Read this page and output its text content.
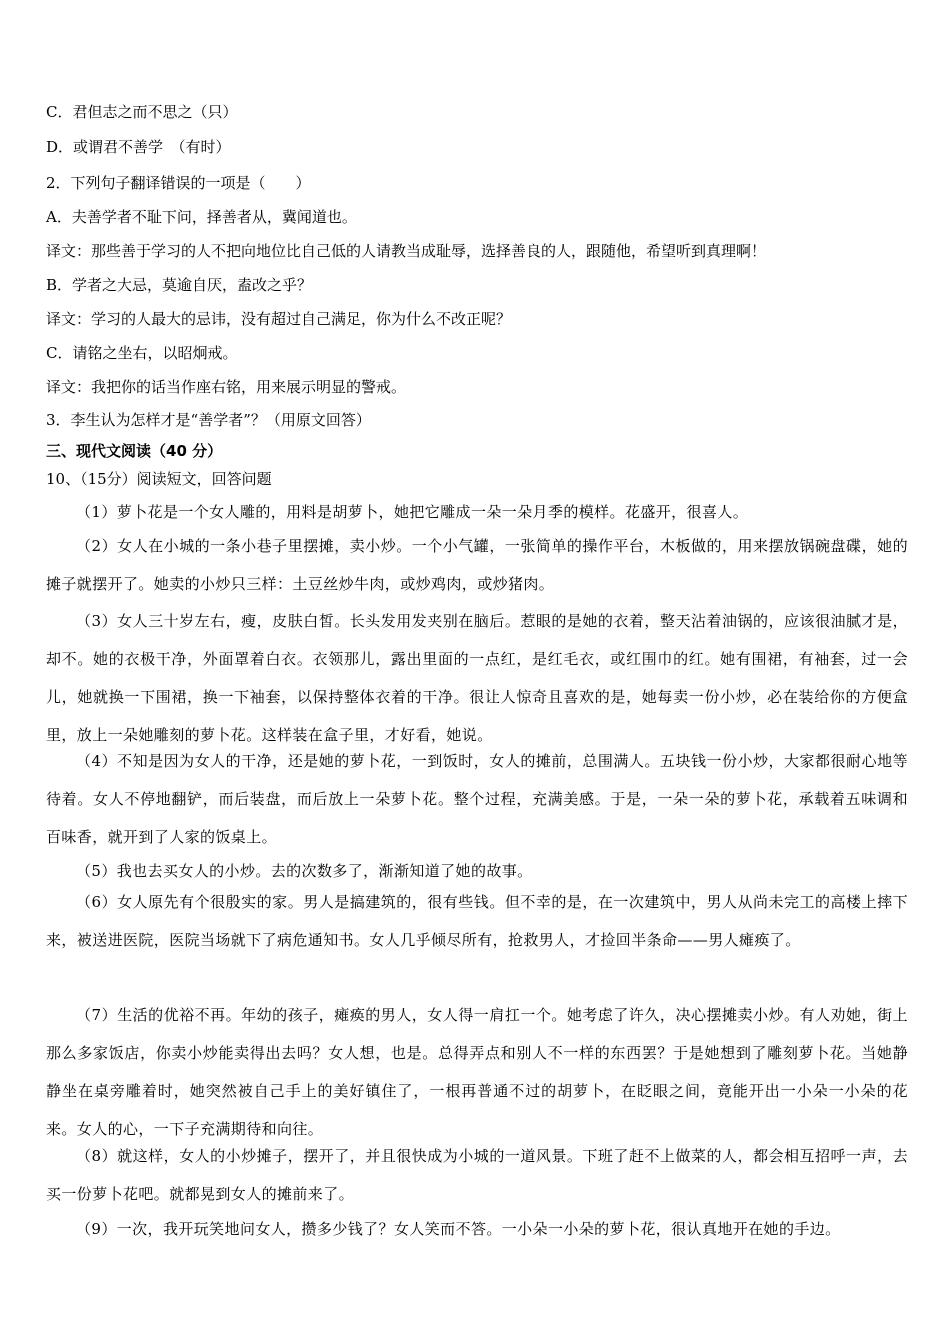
C．君但志之而不思之（只）
D．或谓君不善学　（有时）
2．下列句子翻译错误的一项是（　　）
A．夫善学者不耻下问，择善者从，冀闻道也。
译文：那些善于学习的人不把向地位比自己低的人请教当成耻辱，选择善良的人，跟随他，希望听到真理啊！
B．学者之大忌，莫逾自厌，盍改之乎？
译文：学习的人最大的忌讳，没有超过自己满足，你为什么不改正呢？
C．请铭之坐右，以昭炯戒。
译文：我把你的话当作座右铭，用来展示明显的警戒。
3．李生认为怎样才是“善学者”？（用原文回答）
三、现代文阅读（40 分）
10、（15分）阅读短文，回答问题

（1）萝卜花是一个女人雕的，用料是胡萝卜，她把它雕成一朵一朵月季的模样。花盛开，很喜人。

（2）女人在小城的一条小巷子里摆摊，卖小炒。一个小气罐，一张简单的操作平台，木板做的，用来摆放锅碗盘碟，她的摊子就摆开了。她卖的小炒只三样：土豆丝炒牛肉，或炒鸡肉，或炒猪肉。

（3）女人三十岁左右，瘦，皮肤白皙。长头发用发夹别在脑后。惹眼的是她的衣着，整天沾着油锅的，应该很油腻才是，却不。她的衣极干净，外面罩着白衣。衣领那儿，露出里面的一点红，是红毛衣，或红围巾的红。她有围裙，有袖套，过一会儿，她就换一下围裙，换一下袖套，以保持整体衣着的干净。很让人惊奇且喜欢的是，她每卖一份小炒，必在装给你的方便盒里，放上一朵她雕刻的萝卜花。这样装在盒子里，才好看，她说。

（4）不知是因为女人的干净，还是她的萝卜花，一到饭时，女人的摊前，总围满人。五块钱一份小炒，大家都很耐心地等待着。女人不停地翻铲，而后装盘，而后放上一朵萝卜花。整个过程，充满美感。于是，一朵一朵的萝卜花，承载着五味调和百味香，就开到了人家的饭桌上。

（5）我也去买女人的小炒。去的次数多了，渐渐知道了她的故事。

（6）女人原先有个很殷实的家。男人是搞建筑的，很有些钱。但不幸的是，在一次建筑中，男人从尚未完工的高楼上摔下来，被送进医院，医院当场就下了病危通知书。女人几乎倾尽所有，抢救男人，才捡回半条命——男人瘫痪了。

（7）生活的优裕不再。年幼的孩子，瘫痪的男人，女人得一肩扛一个。她考虑了许久，决心摆摊卖小炒。有人劝她，街上那么多家饭店，你卖小炒能卖得出去吗？女人想，也是。总得弄点和别人不一样的东西罢？于是她想到了雕刻萝卜花。当她静静坐在桌旁雕着时，她突然被自己手上的美好镇住了，一根再普通不过的胡萝卜，在眨眼之间，竟能开出一小朵一小朵的花来。女人的心，一下子充满期待和向往。

（8）就这样，女人的小炒摊子，摆开了，并且很快成为小城的一道风景。下班了赶不上做菜的人，都会相互招呼一声，去买一份萝卜花吧。就都晃到女人的摊前来了。

（9）一次，我开玩笑地问女人，攒多少钱了？女人笑而不答。一小朵一小朵的萝卜花，很认真地开在她的手边。
